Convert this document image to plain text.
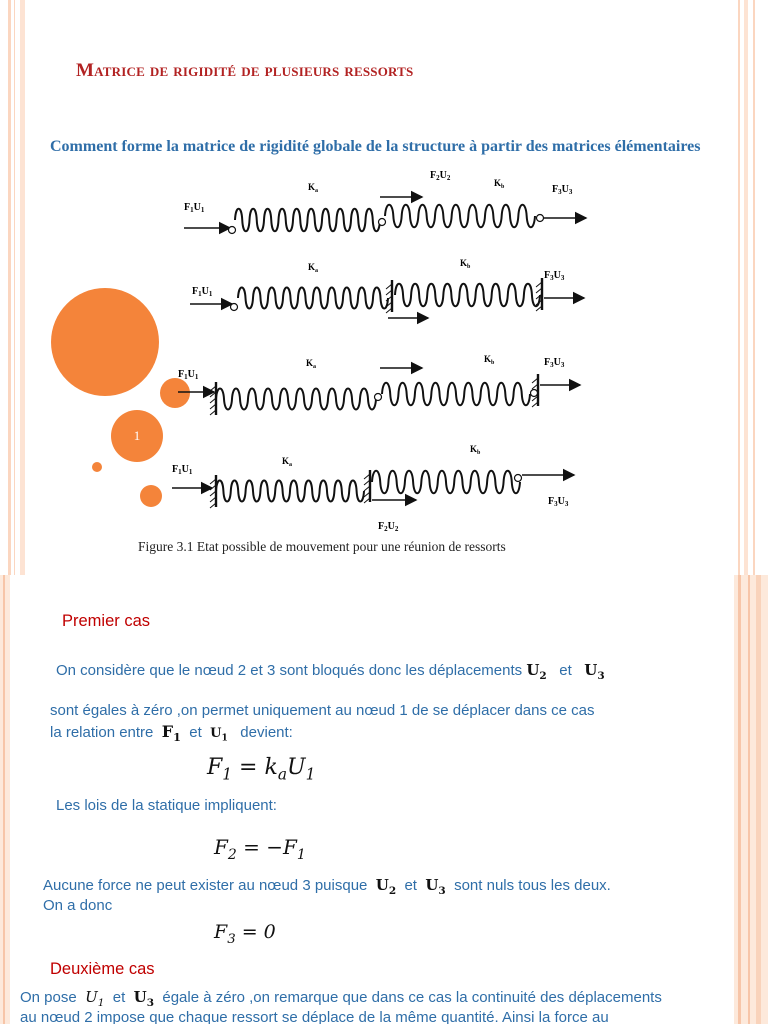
1
Matrice de rigidité de plusieurs ressorts
Comment forme la matrice de rigidité globale de la structure à partir des matrices élémentaires
$F_1U_1$
$K_a$
$F_2U_2$	$K_b$	$F_3U_3$
$F_1U_1$
$K_a$
$K_b$
$F_3U_3$
$F_1U_1$
$K_a$
$K_b$	$F_3U_3$
$F_1U_1$
$K_a$
$K_b$
$F_3U_3$
$F_2U_2$
Figure 3.1 Etat possible de mouvement pour une réunion de ressorts
Premier cas
On considère que le nœud 2 et 3 sont bloqués donc les déplacements $U_2$ et $U_3$
sont égales à zéro ,on permet uniquement au nœud 1 de se déplacer dans ce cas
la relation entre $F_1$ et $U_1$ devient:
$F_1 = k_aU_1$
Les lois de la statique impliquent:
$F_2 = -F_1$
Aucune force ne peut exister au nœud 3 puisque $U_2$ et $U_3$ sont nuls tous les deux.
On a donc
$F_3 = 0$
Deuxième cas
On pose $U_1$ et $U_3$ égale à zéro ,on remarque que dans ce cas la continuité des déplacements
au nœud 2 impose que chaque ressort se déplace de la même quantité. Ainsi la force au
